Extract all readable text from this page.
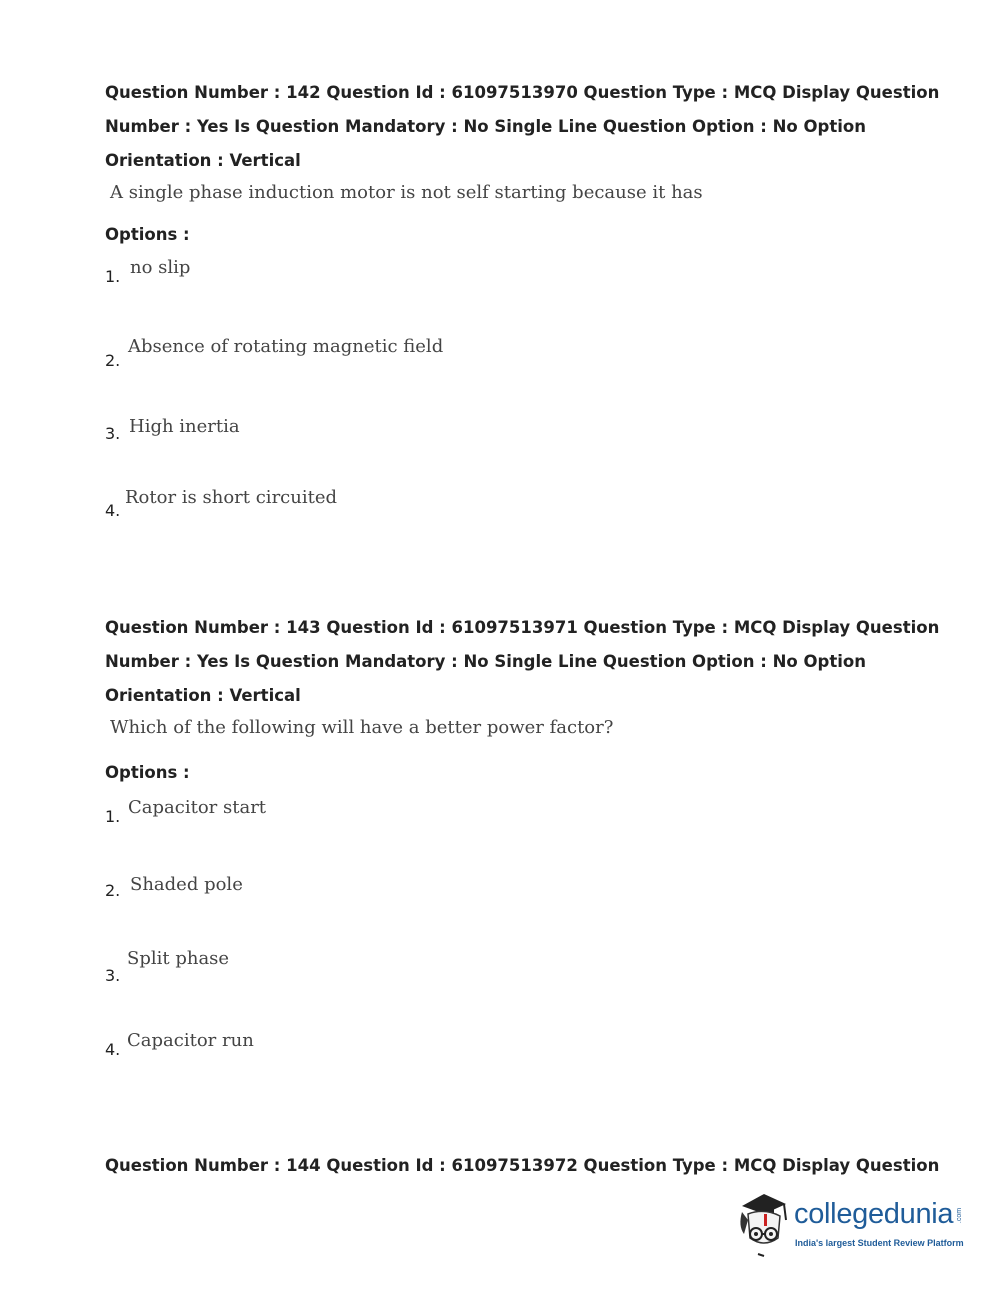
Question Number : 142 Question Id : 61097513970 Question Type : MCQ Display Question
Number : Yes Is Question Mandatory : No Single Line Question Option : No Option
Orientation : Vertical
A single phase induction motor is not self starting because it has
Options :
1. no slip
2.
Absence of rotating magnetic field
3. High inertia
4.
Rotor is short circuited
Question Number : 143 Question Id : 61097513971 Question Type : MCQ Display Question
Number : Yes Is Question Mandatory : No Single Line Question Option : No Option
Orientation : Vertical
Which of the following will have a better power factor?
Options :
1. Capacitor start
2. Shaded pole
3.
Split phase
4. Capacitor run
Question Number : 144 Question Id : 61097513972 Question Type : MCQ Display Question
collegedunia .com
India's largest Student Review Platform
